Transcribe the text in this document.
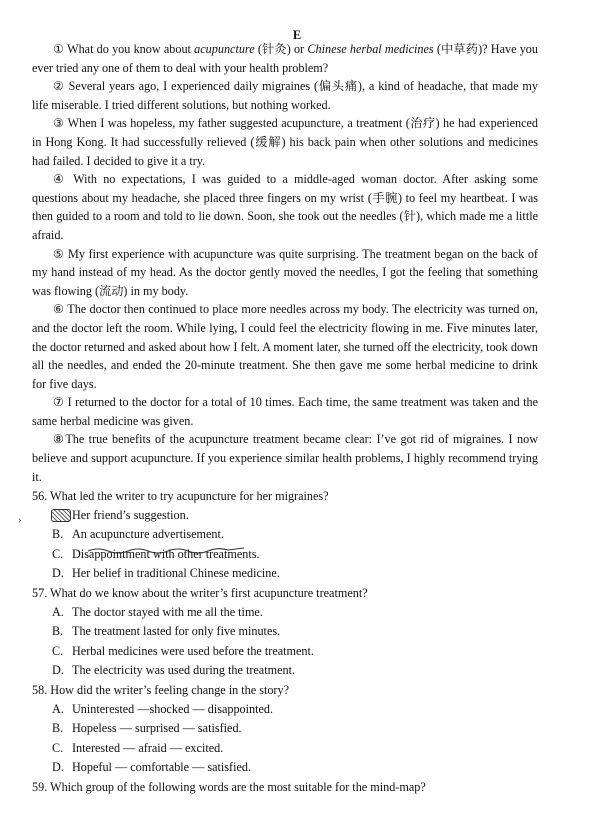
E

① What do you know about acupuncture (针灸) or Chinese herbal medicines (中草药)? Have you ever tried any one of them to deal with your health problem?

② Several years ago, I experienced daily migraines (偏头痛), a kind of headache, that made my life miserable. I tried different solutions, but nothing worked.

③ When I was hopeless, my father suggested acupuncture, a treatment (治疗) he had experienced in Hong Kong. It had successfully relieved (缓解) his back pain when other solutions and medicines had failed. I decided to give it a try.

④ With no expectations, I was guided to a middle-aged woman doctor. After asking some questions about my headache, she placed three fingers on my wrist (手腕) to feel my heartbeat. I was then guided to a room and told to lie down. Soon, she took out the needles (针), which made me a little afraid.

⑤ My first experience with acupuncture was quite surprising. The treatment began on the back of my hand instead of my head. As the doctor gently moved the needles, I got the feeling that something was flowing (流动) in my body.

⑥ The doctor then continued to place more needles across my body. The electricity was turned on, and the doctor left the room. While lying, I could feel the electricity flowing in me. Five minutes later, the doctor returned and asked about how I felt. A moment later, she turned off the electricity, took down all the needles, and ended the 20-minute treatment. She then gave me some herbal medicine to drink for five days.

⑦ I returned to the doctor for a total of 10 times. Each time, the same treatment was taken and the same herbal medicine was given.

⑧The true benefits of the acupuncture treatment became clear: I’ve got rid of migraines. I now believe and support acupuncture. If you experience similar health problems, I highly recommend trying it.

›

56. What led the writer to try acupuncture for her migraines?

Her friend’s suggestion.

B. An acupuncture advertisement.

C. Disappointment with other treatments.

D. Her belief in traditional Chinese medicine.

57. What do we know about the writer’s first acupuncture treatment?

A. The doctor stayed with me all the time.

B. The treatment lasted for only five minutes.

C. Herbal medicines were used before the treatment.

D. The electricity was used during the treatment.

58. How did the writer’s feeling change in the story?

A. Uninterested —shocked — disappointed.

B. Hopeless — surprised — satisfied.

C. Interested — afraid — excited.

D. Hopeful — comfortable — satisfied.

59. Which group of the following words are the most suitable for the mind-map?
